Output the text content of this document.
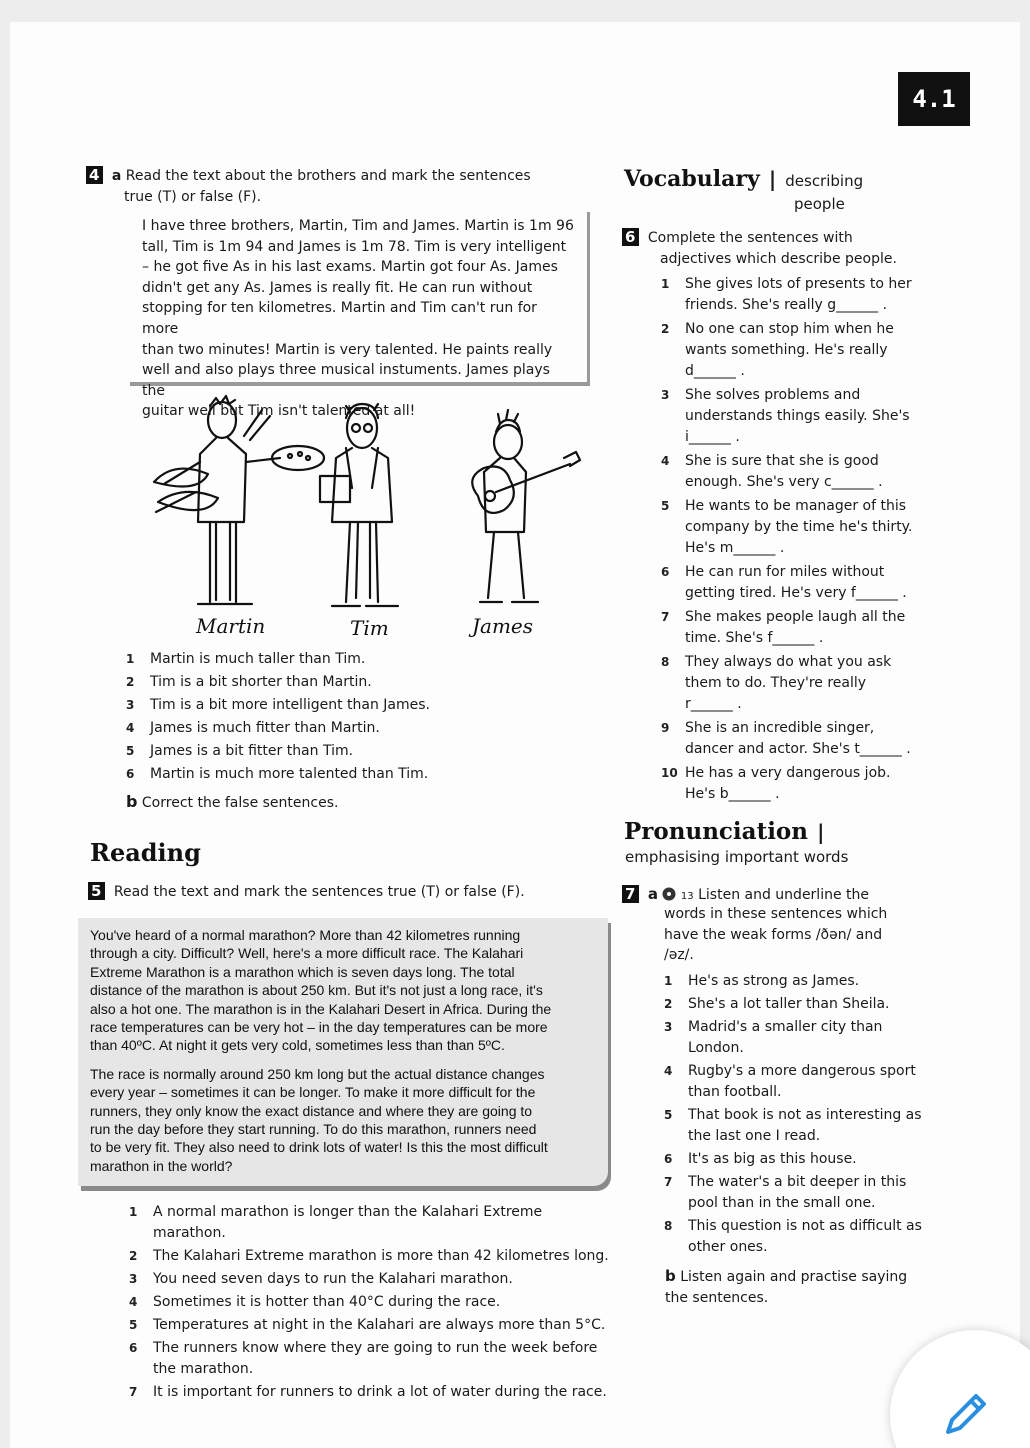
4.1
4 a Read the text about the brothers and mark the sentences
true (T) or false (F).
I have three brothers, Martin, Tim and James. Martin is 1m 96
tall, Tim is 1m 94 and James is 1m 78. Tim is very intelligent
– he got five As in his last exams. Martin got four As. James
didn't get any As. James is really fit. He can run without
stopping for ten kilometres. Martin and Tim can't run for more
than two minutes! Martin is very talented. He paints really
well and also plays three musical instuments. James plays the
guitar well but Tim isn't talented at all!
Martin	Tim	James
1 Martin is much taller than Tim.
2 Tim is a bit shorter than Martin.
3 Tim is a bit more intelligent than James.
4 James is much fitter than Martin.
5 James is a bit fitter than Tim.
6 Martin is much more talented than Tim.
b Correct the false sentences.
Reading
5 Read the text and mark the sentences true (T) or false (F).

You've heard of a normal marathon? More than 42 kilometres running
through a city. Difficult? Well, here's a more difficult race. The Kalahari
Extreme Marathon is a marathon which is seven days long. The total
distance of the marathon is about 250 km. But it's not just a long race, it's
also a hot one. The marathon is in the Kalahari Desert in Africa. During the
race temperatures can be very hot – in the day temperatures can be more
than 40ºC. At night it gets very cold, sometimes less than than 5ºC.

The race is normally around 250 km long but the actual distance changes
every year – sometimes it can be longer. To make it more difficult for the
runners, they only know the exact distance and where they are going to
run the day before they start running. To do this marathon, runners need
to be very fit. They also need to drink lots of water! Is this the most difficult
marathon in the world?

1 A normal marathon is longer than the Kalahari Extreme marathon.
2 The Kalahari Extreme marathon is more than 42 kilometres long.
3 You need seven days to run the Kalahari marathon.
4 Sometimes it is hotter than 40°C during the race.
5 Temperatures at night in the Kalahari are always more than 5°C.
6 The runners know where they are going to run the week before
the marathon.
7 It is important for runners to drink a lot of water during the race.
Vocabulary | describing
people
6 Complete the sentences with
adjectives which describe people.
1 She gives lots of presents to her
friends. She's really g______ .
2 No one can stop him when he
wants something. He's really
d______ .
3 She solves problems and
understands things easily. She's
i______ .
4 She is sure that she is good
enough. She's very c______ .
5 He wants to be manager of this
company by the time he's thirty.
He's m______ .
6 He can run for miles without
getting tired. He's very f______ .
7 She makes people laugh all the
time. She's f______ .
8 They always do what you ask
them to do. They're really
r______ .
9 She is an incredible singer,
dancer and actor. She's t______ .
10 He has a very dangerous job.
He's b______ .
Pronunciation |
emphasising important words
7 a 13 Listen and underline the
words in these sentences which
have the weak forms /ðən/ and
/əz/.
1 He's as strong as James.
2 She's a lot taller than Sheila.
3 Madrid's a smaller city than
London.
4 Rugby's a more dangerous sport
than football.
5 That book is not as interesting as
the last one I read.
6 It's as big as this house.
7 The water's a bit deeper in this
pool than in the small one.
8 This question is not as difficult as
other ones.
b Listen again and practise saying
the sentences.
